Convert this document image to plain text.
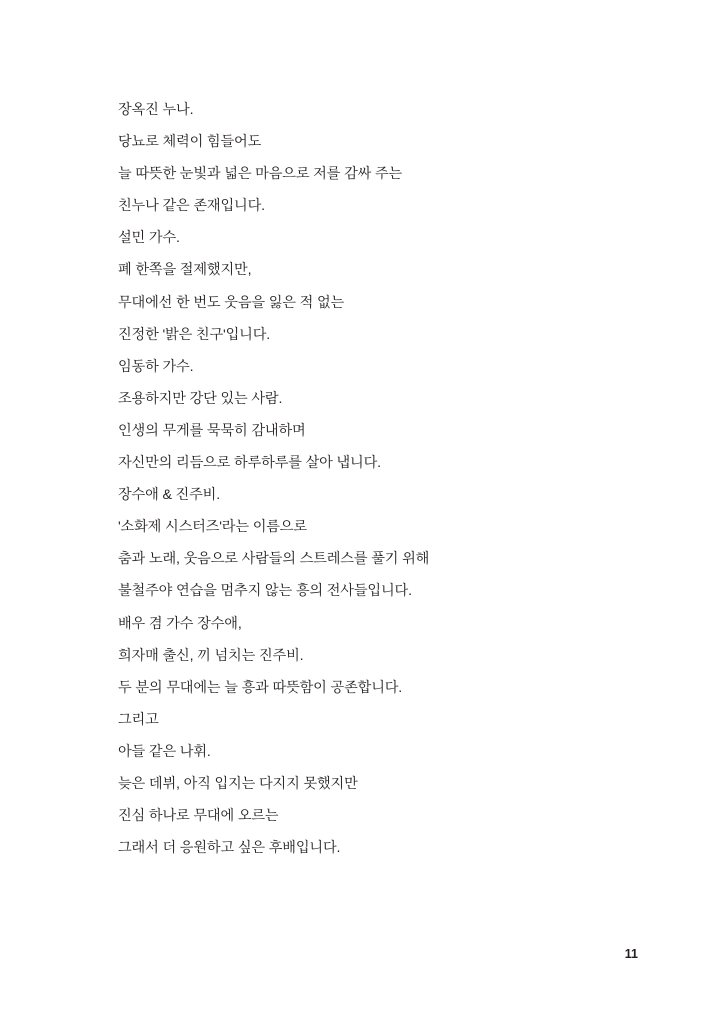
장옥진 누나.
당뇨로 체력이 힘들어도
늘 따뜻한 눈빛과 넓은 마음으로 저를 감싸 주는
친누나 같은 존재입니다.
설민 가수.
폐 한쪽을 절제했지만,
무대에선 한 번도 웃음을 잃은 적 없는
진정한 '밝은 친구'입니다.
임동하 가수.
조용하지만 강단 있는 사람.
인생의 무게를 묵묵히 감내하며
자신만의 리듬으로 하루하루를 살아 냅니다.
장수애 & 진주비.
'소화제 시스터즈'라는 이름으로
춤과 노래, 웃음으로 사람들의 스트레스를 풀기 위해
불철주야 연습을 멈추지 않는 흥의 전사들입니다.
배우 겸 가수 장수애,
희자매 출신, 끼 넘치는 진주비.
두 분의 무대에는 늘 흥과 따뜻함이 공존합니다.
그리고
아들 같은 나휘.
늦은 데뷔, 아직 입지는 다지지 못했지만
진심 하나로 무대에 오르는
그래서 더 응원하고 싶은 후배입니다.
11
